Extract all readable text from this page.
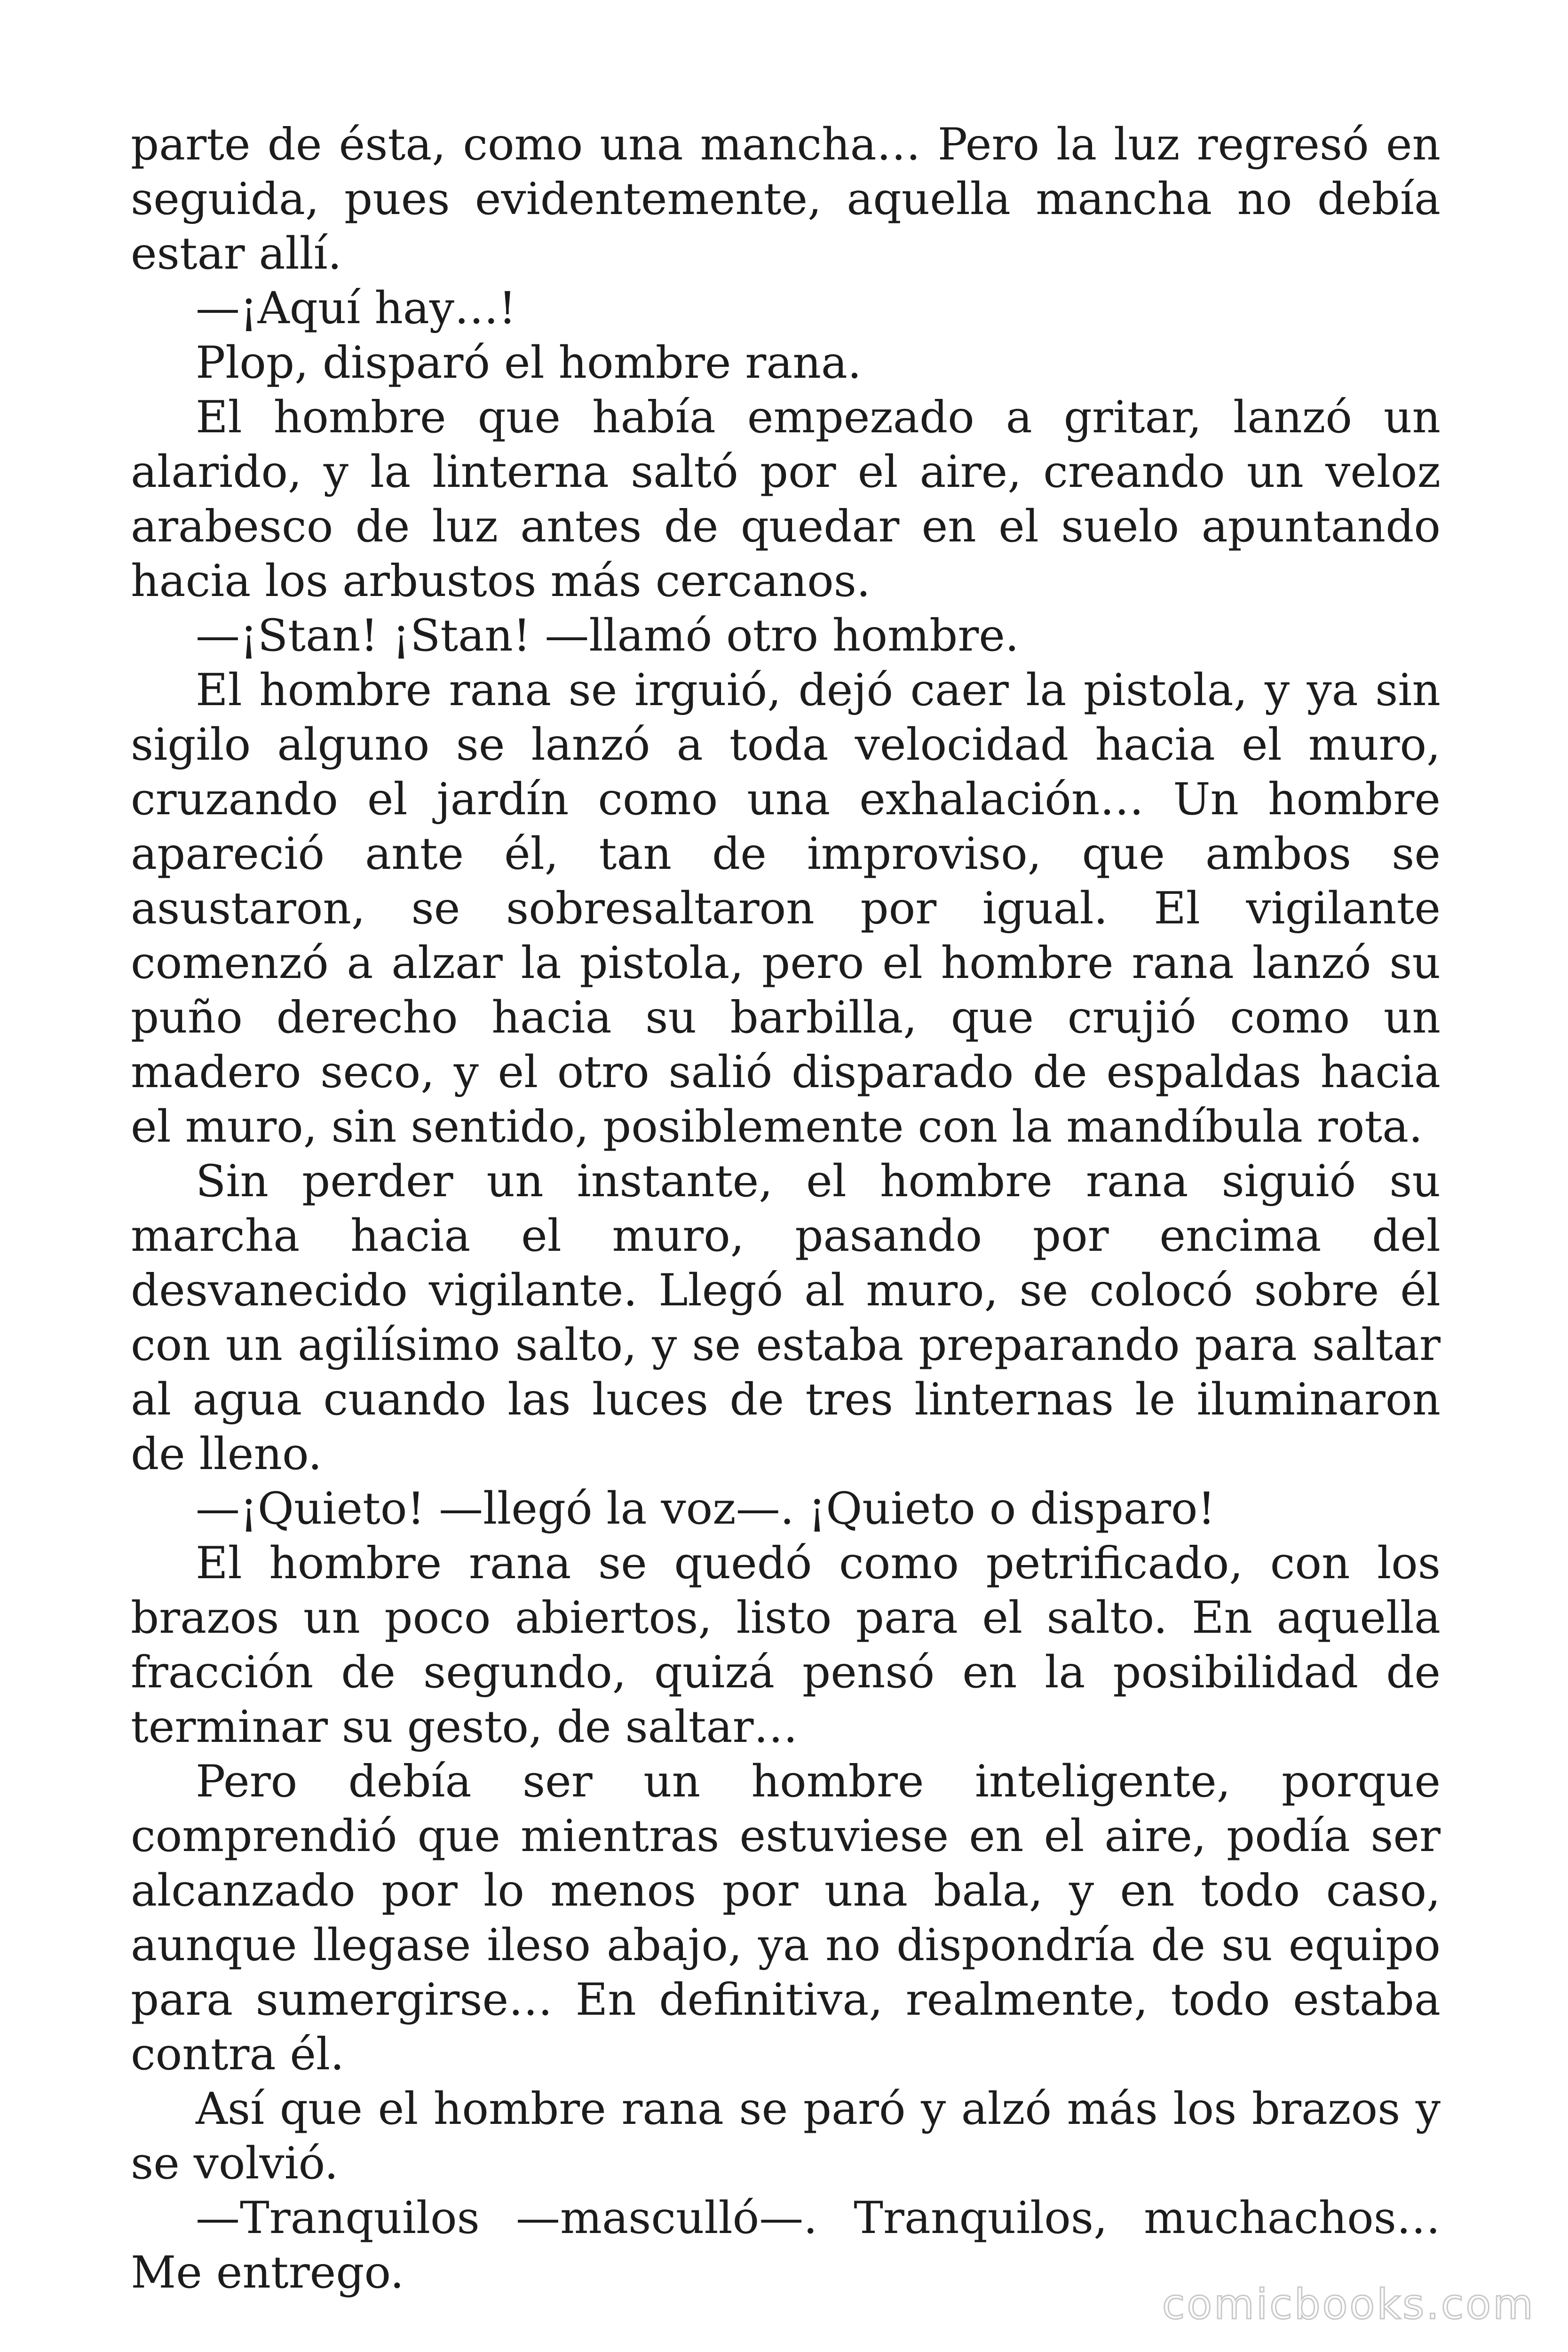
parte de ésta, como una mancha… Pero la luz regresó en seguida, pues evidentemente, aquella mancha no debía estar allí.

—¡Aquí hay…!

Plop, disparó el hombre rana.

El hombre que había empezado a gritar, lanzó un alarido, y la linterna saltó por el aire, creando un veloz arabesco de luz antes de quedar en el suelo apuntando hacia los arbustos más cercanos.

—¡Stan! ¡Stan! —llamó otro hombre.

El hombre rana se irguió, dejó caer la pistola, y ya sin sigilo alguno se lanzó a toda velocidad hacia el muro, cruzando el jardín como una exhalación… Un hombre apareció ante él, tan de improviso, que ambos se asustaron, se sobresaltaron por igual. El vigilante comenzó a alzar la pistola, pero el hombre rana lanzó su puño derecho hacia su barbilla, que crujió como un madero seco, y el otro salió disparado de espaldas hacia el muro, sin sentido, posiblemente con la mandíbula rota.

Sin perder un instante, el hombre rana siguió su marcha hacia el muro, pasando por encima del desvanecido vigilante. Llegó al muro, se colocó sobre él con un agilísimo salto, y se estaba preparando para saltar al agua cuando las luces de tres linternas le iluminaron de lleno.

—¡Quieto! —llegó la voz—. ¡Quieto o disparo!

El hombre rana se quedó como petrificado, con los brazos un poco abiertos, listo para el salto. En aquella fracción de segundo, quizá pensó en la posibilidad de terminar su gesto, de saltar…

Pero debía ser un hombre inteligente, porque comprendió que mientras estuviese en el aire, podía ser alcanzado por lo menos por una bala, y en todo caso, aunque llegase ileso abajo, ya no dispondría de su equipo para sumergirse… En definitiva, realmente, todo estaba contra él.

Así que el hombre rana se paró y alzó más los brazos y se volvió.

—Tranquilos —masculló—. Tranquilos, muchachos… Me entrego.

comicbooks.com
